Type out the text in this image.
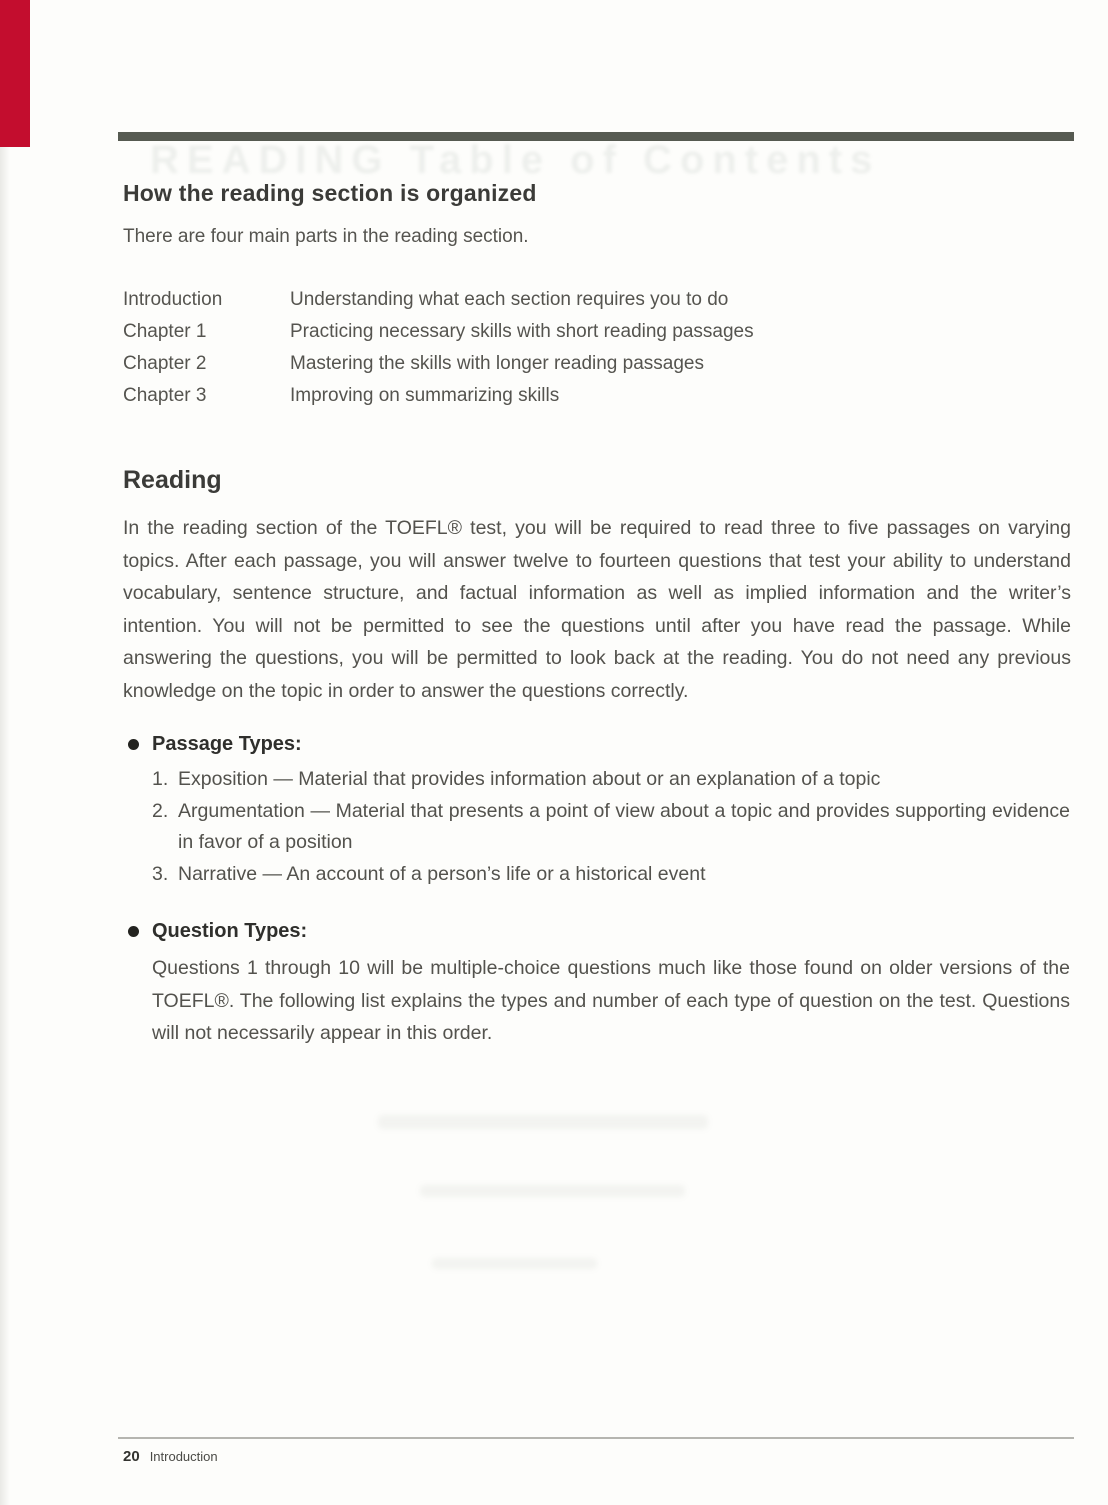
READING Table of Contents
How the reading section is organized
There are four main parts in the reading section.
Introduction	Understanding what each section requires you to do
Chapter 1	Practicing necessary skills with short reading passages
Chapter 2	Mastering the skills with longer reading passages
Chapter 3	Improving on summarizing skills
Reading
In the reading section of the TOEFL® test, you will be required to read three to five passages on varying topics. After each passage, you will answer twelve to fourteen questions that test your ability to understand vocabulary, sentence structure, and factual information as well as implied information and the writer’s intention. You will not be permitted to see the questions until after you have read the passage. While answering the questions, you will be permitted to look back at the reading. You do not need any previous knowledge on the topic in order to answer the questions correctly.
Passage Types:
1. Exposition — Material that provides information about or an explanation of a topic
2. Argumentation — Material that presents a point of view about a topic and provides supporting evidence in favor of a position
3. Narrative — An account of a person’s life or a historical event
Question Types:
Questions 1 through 10 will be multiple-choice questions much like those found on older versions of the TOEFL®. The following list explains the types and number of each type of question on the test. Questions will not necessarily appear in this order.
20 Introduction
